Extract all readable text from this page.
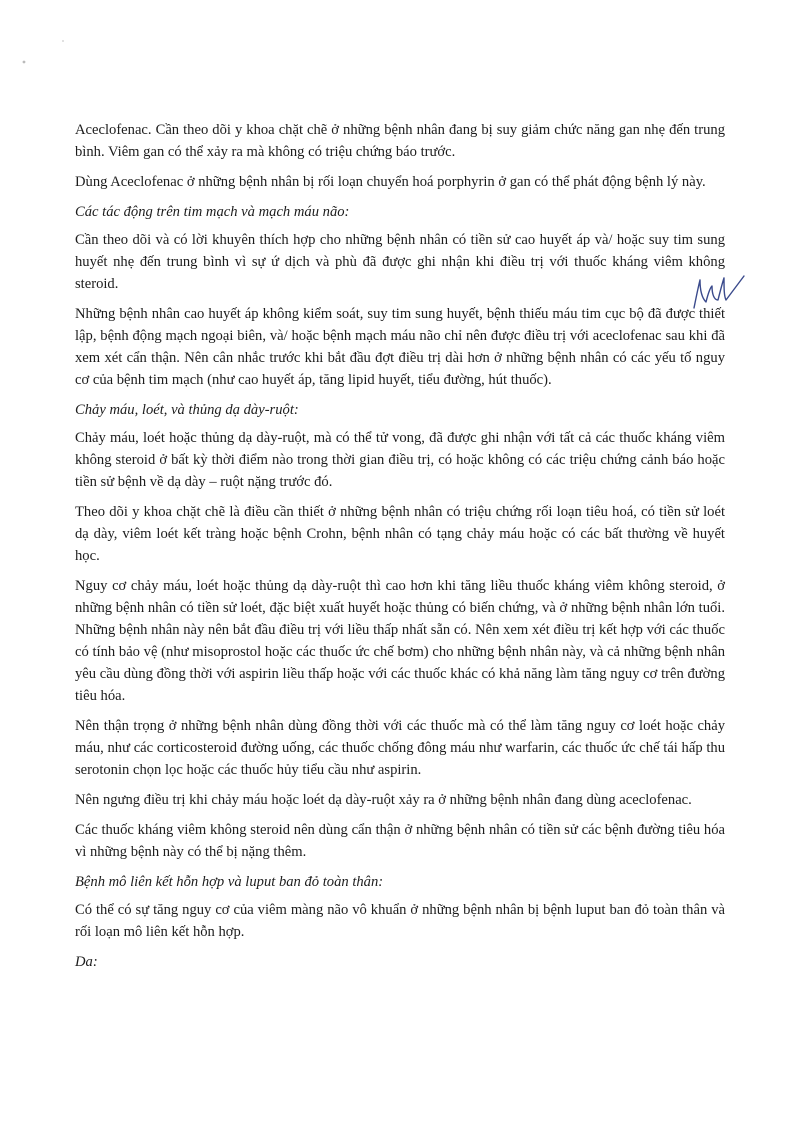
Aceclofenac. Cần theo dõi y khoa chặt chẽ ở những bệnh nhân đang bị suy giảm chức năng gan nhẹ đến trung bình. Viêm gan có thể xảy ra mà không có triệu chứng báo trước.

Dùng Aceclofenac ở những bệnh nhân bị rối loạn chuyển hoá porphyrin ở gan có thể phát động bệnh lý này.

Các tác động trên tim mạch và mạch máu não:

Cần theo dõi và có lời khuyên thích hợp cho những bệnh nhân có tiền sử cao huyết áp và/ hoặc suy tim sung huyết nhẹ đến trung bình vì sự ứ dịch và phù đã được ghi nhận khi điều trị với thuốc kháng viêm không steroid.

Những bệnh nhân cao huyết áp không kiểm soát, suy tim sung huyết, bệnh thiếu máu tim cục bộ đã được thiết lập, bệnh động mạch ngoại biên, và/ hoặc bệnh mạch máu não chỉ nên được điều trị với aceclofenac sau khi đã xem xét cẩn thận. Nên cân nhắc trước khi bắt đầu đợt điều trị dài hơn ở những bệnh nhân có các yếu tố nguy cơ của bệnh tim mạch (như cao huyết áp, tăng lipid huyết, tiểu đường, hút thuốc).

Chảy máu, loét, và thủng dạ dày-ruột:

Chảy máu, loét hoặc thủng dạ dày-ruột, mà có thể tử vong, đã được ghi nhận với tất cả các thuốc kháng viêm không steroid ở bất kỳ thời điểm nào trong thời gian điều trị, có hoặc không có các triệu chứng cảnh báo hoặc tiền sử bệnh về dạ dày – ruột nặng trước đó.

Theo dõi y khoa chặt chẽ là điều cần thiết ở những bệnh nhân có triệu chứng rối loạn tiêu hoá, có tiền sử loét dạ dày, viêm loét kết tràng hoặc bệnh Crohn, bệnh nhân có tạng chảy máu hoặc có các bất thường về huyết học.

Nguy cơ chảy máu, loét hoặc thủng dạ dày-ruột thì cao hơn khi tăng liều thuốc kháng viêm không steroid, ở những bệnh nhân có tiền sử loét, đặc biệt xuất huyết hoặc thủng có biến chứng, và ở những bệnh nhân lớn tuổi. Những bệnh nhân này nên bắt đầu điều trị với liều thấp nhất sẵn có. Nên xem xét điều trị kết hợp với các thuốc có tính bảo vệ (như misoprostol hoặc các thuốc ức chế bơm) cho những bệnh nhân này, và cả những bệnh nhân yêu cầu dùng đồng thời với aspirin liều thấp hoặc với các thuốc khác có khả năng làm tăng nguy cơ trên đường tiêu hóa.

Nên thận trọng ở những bệnh nhân dùng đồng thời với các thuốc mà có thể làm tăng nguy cơ loét hoặc chảy máu, như các corticosteroid đường uống, các thuốc chống đông máu như warfarin, các thuốc ức chế tái hấp thu serotonin chọn lọc hoặc các thuốc hủy tiểu cầu như aspirin.

Nên ngưng điều trị khi chảy máu hoặc loét dạ dày-ruột xảy ra ở những bệnh nhân đang dùng aceclofenac.

Các thuốc kháng viêm không steroid nên dùng cẩn thận ở những bệnh nhân có tiền sử các bệnh đường tiêu hóa vì những bệnh này có thể bị nặng thêm.

Bệnh mô liên kết hỗn hợp và luput ban đỏ toàn thân:

Có thể có sự tăng nguy cơ của viêm màng não vô khuẩn ở những bệnh nhân bị bệnh luput ban đỏ toàn thân và rối loạn mô liên kết hỗn hợp.

Da:
